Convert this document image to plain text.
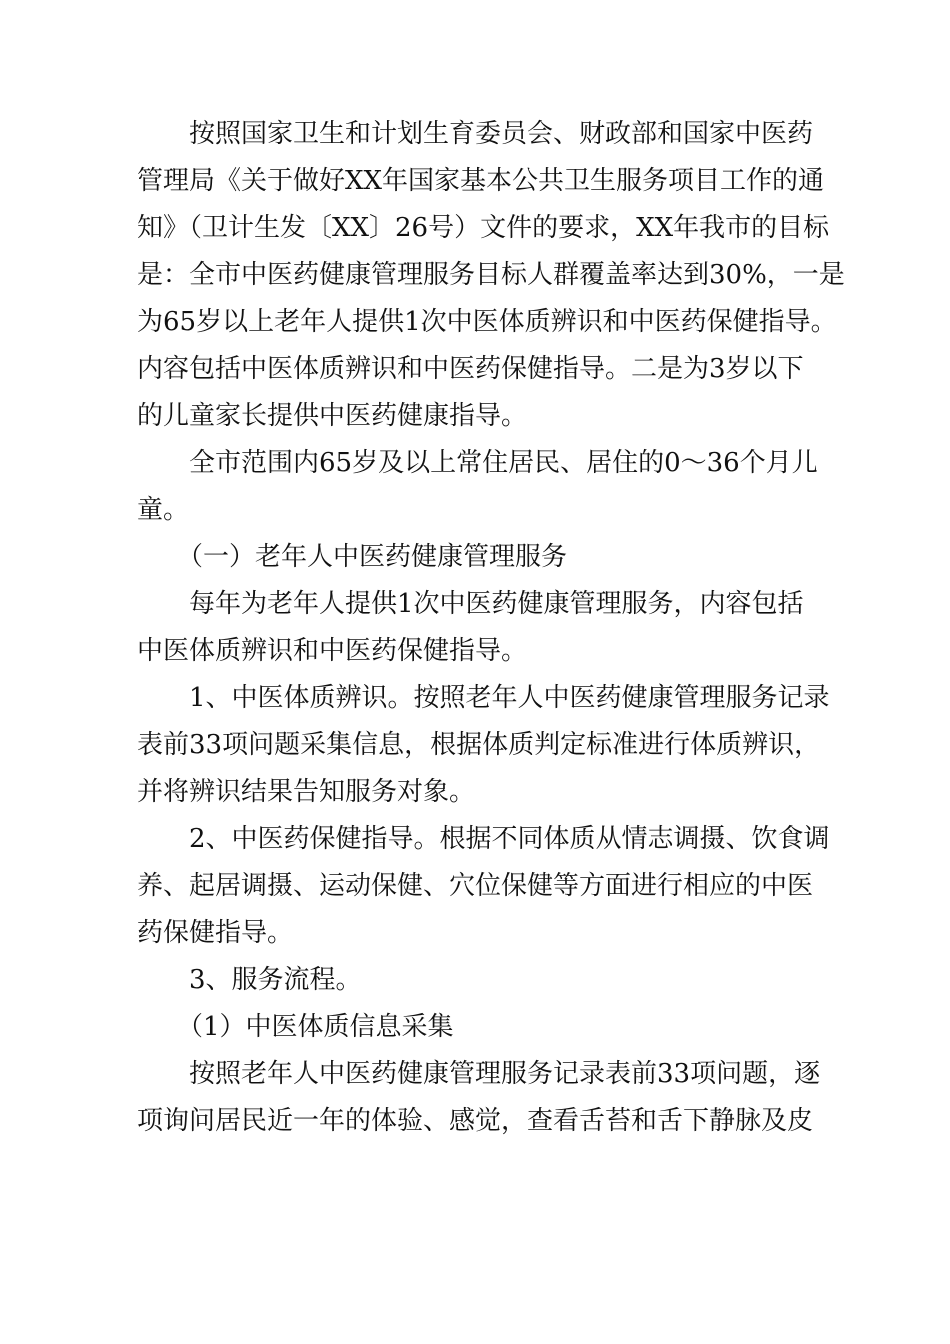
按照国家卫生和计划生育委员会、财政部和国家中医药
管理局《关于做好XX年国家基本公共卫生服务项目工作的通
知》（卫计生发〔XX〕26号）文件的要求，XX年我市的目标
是：全市中医药健康管理服务目标人群覆盖率达到30%，一是
为65岁以上老年人提供1次中医体质辨识和中医药保健指导。
内容包括中医体质辨识和中医药保健指导。二是为3岁以下
的儿童家长提供中医药健康指导。

全市范围内65岁及以上常住居民、居住的0～36个月儿
童。

（一）老年人中医药健康管理服务

每年为老年人提供1次中医药健康管理服务，内容包括
中医体质辨识和中医药保健指导。

1、中医体质辨识。按照老年人中医药健康管理服务记录
表前33项问题采集信息，根据体质判定标准进行体质辨识，
并将辨识结果告知服务对象。

2、中医药保健指导。根据不同体质从情志调摄、饮食调
养、起居调摄、运动保健、穴位保健等方面进行相应的中医
药保健指导。

3、服务流程。

（1）中医体质信息采集

按照老年人中医药健康管理服务记录表前33项问题，逐
项询问居民近一年的体验、感觉，查看舌苔和舌下静脉及皮
